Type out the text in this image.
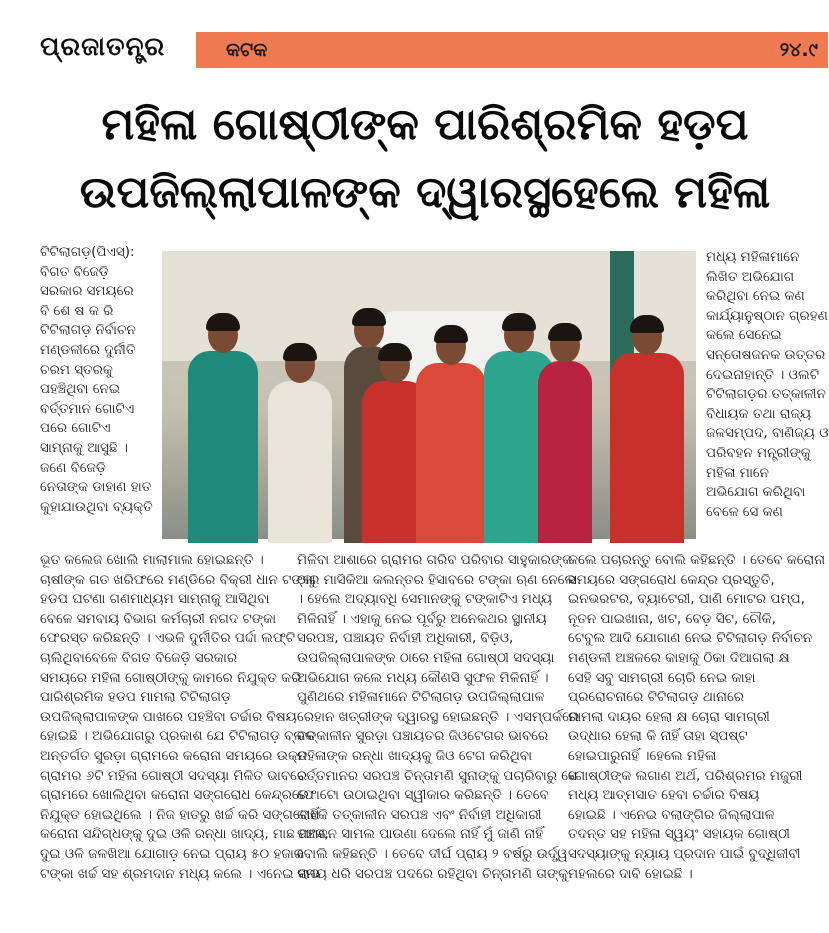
ପ୍ରଜାତନ୍ତ୍ର	କଟକ	୨୪.୯
ମହିଳା ଗୋଷ୍ଠୀଙ୍କ ପାରିଶ୍ରମିକ ହଡ଼ପ
ଉପଜିଲ୍ଲାପାଳଙ୍କ ଦ୍ୱାରସ୍ଥହେଲେ ମହିଳା

ଟିଟିଲାଗଡ଼(ପିଏସ୍):

ବିଗତ ବିଜେଡ଼ି

ସରକାର ସମୟରେ

ବି ଶେ ଷ କ ରି

ଟିଟିଲାଗଡ଼ ନିର୍ବାଚନ

ମଣ୍ଡଳୀରେ ଦୁର୍ନୀତି

ଚରମ ସ୍ତରକୁ

ପହଞ୍ଚିଥିବା ନେଇ

ବର୍ତ୍ତମାନ ଗୋଟିଏ

ପରେ ଗୋଟିଏ

ସାମ୍ନାକୁ ଆସୁଛି ।

ଜଣେ ବିଜେଡ଼ି

ନେତାଙ୍କ ଡାହାଣ ହାତ

କୁହାଯାଉଥିବା ବ୍ୟକ୍ତି

ମଧ୍ୟ ମହିଳାମାନେ

ଲିଖିତ ଅଭିଯୋଗ

କରିଥିବା ନେଇ କଣ

କାର୍ଯ୍ୟାନୁଷ୍ଠାନ ଗ୍ରହଣ

କଲେ ସେନେଇ

ସନ୍ତୋଷଜନକ ଉତ୍ତର

ଦେଇନାହାନ୍ତି । ଓଲଟି

ଟିଟିଲାଗଡ଼ର ତତ୍କାଳୀନ

ବିଧାୟକ ତଥା ରାଜ୍ୟ

ଜଳସମ୍ପଦ, ବାଣିଜ୍ୟ ଓ

ପରିବହନ ମନ୍ତ୍ରୀଙ୍କୁ

ମହିଳା ମାନେ

ଅଭିଯୋଗ କରିଥିବା

ବେଳେ ସେ କଣ

ଭୂତ କଲେଜ ଖୋଲି ମାଲାମାଲ ହୋଇଛନ୍ତି ।

ଚାଷୀଙ୍କ ଗତ ଖରିଫରେ ମଣ୍ଡିରେ ବିକ୍ରୀ ଧାନ ଟଙ୍କା

ହଡପ ଘଟଣା ଗଣମାଧ୍ୟମ ସାମ୍ନାକୁ ଆସିଥିବା

ବେଳେ ସମବାୟ ବିଭାଗ କର୍ମଚାରୀ ନଗଦ ଟଙ୍କା

ଫେରସ୍ତ କରିଛନ୍ତି । ଏଭଳି ଦୁର୍ନୀତିର ପର୍ଦ୍ଦା ଲଫ୍ଟି

ଚାଲିଥିବାବେଳେ ବିଗତ ବିଜେଡ଼ି ସରକାର

ସମୟରେ ମହିଳା ଗୋଷ୍ଠୀଙ୍କୁ କାମରେ ନିଯୁକ୍ତ କରି

ପାରିଶ୍ରମିକ ହଡପ ମାମଲା ଟିଟିଲାଗଡ଼

ଉପଜିଲ୍ଲାପାଳଙ୍କ ପାଖରେ ପହଞ୍ଚିବା ଚର୍ଚ୍ଚାର ବିଷୟ

ହୋଇଛି । ଅଭିଯୋଗରୁ ପ୍ରକାଶ ଯେ ଟିଟିଲାଗଡ଼ ବ୍ଲକ

ଅନ୍ତର୍ଗତ ସୁରଡ଼ା ଗ୍ରାମରେ କରୋନା ସମୟରେ ଉକ୍ତ

ଗ୍ରାମର ୬ଟି ମହିଳା ଗୋଷ୍ଠୀ ସଦସ୍ୟା ମିଳିତ ଭାବରେ

ଗ୍ରାମରେ ଖୋଲିଥିବା କରୋନା ସଙ୍ଗରୋଧ କେନ୍ଦ୍ରରେ

ନିଯୁକ୍ତ ହୋଇଥିଲେ । ନିଜ ହାତରୁ ଖର୍ଚ୍ଚ କରି ସଙ୍ଗରୋଧ

କରୋନା ସନ୍ଦିଗ୍ଧଙ୍କୁ ଦୁଇ ଓଳି ରନ୍ଧା ଖାଦ୍ୟ, ମାଛ ମାଂସ,

ଦୁଇ ଓଳି ଜଳଖିଆ ଯୋଗାଡ଼ ନେଇ ପ୍ରାୟ ୫୦ ହଜାର

ଟଙ୍କା ଖର୍ଚ୍ଚ ସହ ଶ୍ରମଦାନ ମଧ୍ୟ କଲେ । ଏନେଇ ଲାଭ

ମିଳିବା ଆଶାରେ ଗ୍ରାମର ଗରିବ ପରିବାର ସାହୁକାରଙ୍କ

ଠାରୁ ମାସିକିଆ କଲନ୍ତର ହିସାବରେ ଟଙ୍କା ଋଣ ନେଲେ

। ହେଲେ ଅଦ୍ୟାବଧି ସେମାନଙ୍କୁ ଟଙ୍କାଟିଏ ମଧ୍ୟ

ମିଳିନାହିଁ । ଏହାକୁ ନେଇ ପୂର୍ବରୁ ଅନେକଥର ସ୍ଥାନୀୟ

ସରପଞ୍ଚ, ପଞ୍ଚାୟତ ନିର୍ବାହୀ ଅଧିକାରୀ, ବିଡ଼ିଓ,

ଉପଜିଲ୍ଲାପାଳଙ୍କ ଠାରେ ମହିଳା ଗୋଷ୍ଠୀ ସଦସ୍ୟା

ଅଭିଯୋଗ କଲେ ମଧ୍ୟ କୌଣସି ସୁଫଳ ମିଳିନାହିଁ ।

ପୁଣିଥରେ ମହିଳାମାନେ ଟିଟିଲାଗଡ଼ ଉପଜିଲ୍ଲାପାଳ

ରେହାନ ଖତ୍ରୀଙ୍କ ଦ୍ୱାରସ୍ଥ ହୋଇଛନ୍ତି । ଏସମ୍ପର୍କରେ

ତତ୍କାଳୀନ ସୁରଡ଼ା ପଞ୍ଚାୟତର ଜିଓଟେଗର ଭାବରେ

ମହିଳାଙ୍କ ରନ୍ଧା ଖାଦ୍ୟକୁ ଜିଓ ଟେଗ କରିଥିବା

ବର୍ତ୍ତମାନର ସରପଞ୍ଚ ଚିନ୍ତାମଣି ସୁନାଙ୍କୁ ପଚାରିବାରୁ ସେ

ଫୋଟୋ ଉଠାଇଥିବା ସ୍ୱୀକାର କରିଛନ୍ତି । ତେବେ

କାହିଁକି ତତ୍କାଳୀନ ସରପଞ୍ଚ ଏବଂ ନିର୍ବାହୀ ଅଧିକାରୀ

ପଞ୍ଚାନନ ସାମଲ ପାଉଣା ଦେଲେ ନାହିଁ ମୁଁ ଜାଣି ନାହିଁ

ବୋଲି କହିଛନ୍ତି । ତେବେ ଦୀର୍ଘ ପ୍ରାୟ ୨ ବର୍ଷରୁ ଉର୍ଦ୍ଧ୍ୱ

ସମୟ ଧରି ସରପଞ୍ଚ ପଦରେ ରହିଥିବା ଚିନ୍ତାମଣି ତାଙ୍କୁ

କଲେ ପଚାରନ୍ତୁ ବୋଲି କହିଛନ୍ତି । ତେବେ କରୋନା

ସମୟରେ ସଙ୍ଗରୋଧ କେନ୍ଦ୍ର ପ୍ରସ୍ତୁତି,

ଇନଭରଟର, ବ୍ୟାଟେରୀ, ପାଣି ମୋଟର ପମ୍ପ,

ନୂତନ ପାଇଖାନା, ଖଟ, ବେଡ଼ ସିଟ, ଚୌକି,

ଟେବୁଲ ଆଦି ଯୋଗାଣ ନେଇ ଟିଟିଲାଗଡ଼ ନିର୍ବାଚନ

ମଣ୍ଡଳୀ ଅଞ୍ଚଳରେ କାହାକୁ ଠିକା ଦିଆଗଲା କ୍ଷ

ସେହି ସବୁ ସାମଗ୍ରୀ ଚୋରି ନେଇ କାହା

ପ୍ରରୋଚନାରେ ଟିଟିଲାଗଡ଼ ଥାନାରେ

ମାମଲା ଦାୟର ହେଲା କ୍ଷ ଚୋରା ସାମଗ୍ରୀ

ଉଦ୍ଧାର ହେଲା କି ନାହିଁ ତାହା ସ୍ପଷ୍ଟ

ହୋଇପାରୁନାହିଁ ।ହେଲେ ମହିଳା

ଗୋଷ୍ଠୀଙ୍କ ଲଗାଣ ଅର୍ଥ, ପରିଶ୍ରମର ମଜୁରୀ

ମଧ୍ୟ ଆତ୍ମସାତ ହେବା ଚର୍ଚ୍ଚାର ବିଷୟ

ହୋଇଛି । ଏନେଇ ବଲାଙ୍ଗିର ଜିଲ୍ଲାପାଳ

ତଦନ୍ତ ସହ ମହିଳା ସ୍ୱୟଂ ସହାୟକ ଗୋଷ୍ଠୀ

ସଦସ୍ୟାଙ୍କୁ ନ୍ୟାୟ ପ୍ରଦାନ ପାଇଁ ବୁଦ୍ଧିଜୀବୀ

ମହଲରେ ଦାବି ହୋଇଛି ।
